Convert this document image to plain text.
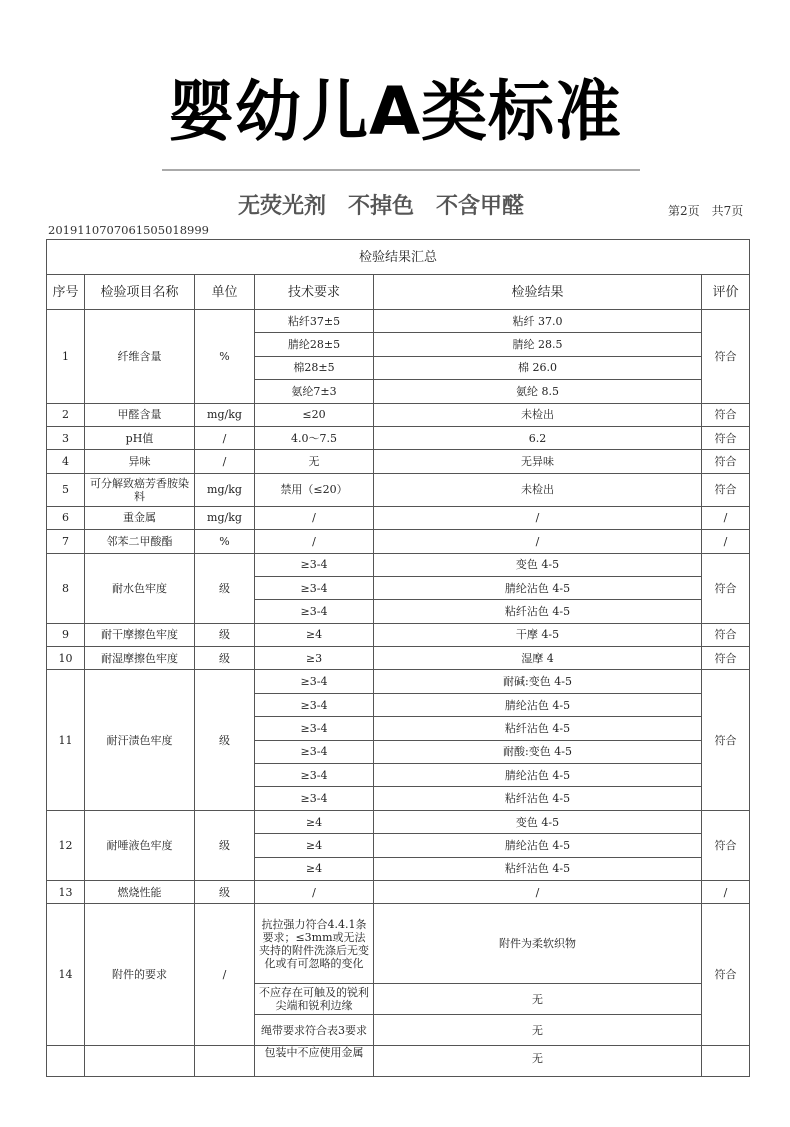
婴幼儿A类标准
无荧光剂　不掉色　不含甲醛	第2页　共7页
2019110707061505018999
检验结果汇总					
序号	检验项目名称	单位	技术要求	检验结果	评价
1	纤维含量	%	粘纤37±5	粘纤 37.0	符合
			腈纶28±5	腈纶 28.5	
			棉28±5	棉 26.0	
			氨纶7±3	氨纶 8.5	
2	甲醛含量	mg/kg	≤20	未检出	符合
3	pH值	/	4.0～7.5	6.2	符合
4	异味	/	无	无异味	符合
5	可分解致癌芳香胺染料	mg/kg	禁用（≤20）	未检出	符合
6	重金属	mg/kg	/	/	/
7	邻苯二甲酸酯	%	/	/	/
8	耐水色牢度	级	≥3-4	变色 4-5	符合
			≥3-4	腈纶沾色 4-5	
			≥3-4	粘纤沾色 4-5	
9	耐干摩擦色牢度	级	≥4	干摩 4-5	符合
10	耐湿摩擦色牢度	级	≥3	湿摩 4	符合
11	耐汗渍色牢度	级	≥3-4	耐碱:变色 4-5	符合
			≥3-4	腈纶沾色 4-5	
			≥3-4	粘纤沾色 4-5	
			≥3-4	耐酸:变色 4-5	
			≥3-4	腈纶沾色 4-5	
			≥3-4	粘纤沾色 4-5	
12	耐唾液色牢度	级	≥4	变色 4-5	符合
			≥4	腈纶沾色 4-5	
			≥4	粘纤沾色 4-5	
13	燃烧性能	级	/	/	/
14	附件的要求	/	抗拉强力符合4.4.1条要求；≤3mm或无法夹持的附件洗涤后无变化或有可忽略的变化	附件为柔软织物	符合
			不应存在可触及的锐利尖端和锐利边缘	无	
			绳带要求符合表3要求	无	
			包装中不应使用金属	无	
